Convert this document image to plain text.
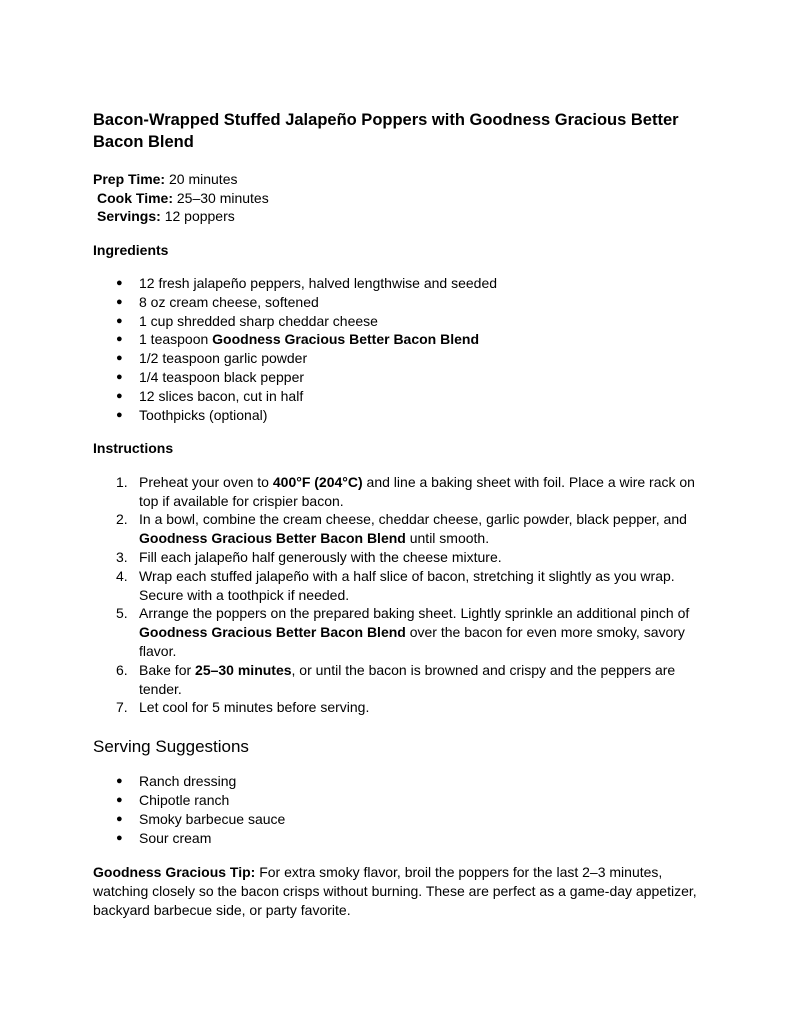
Bacon-Wrapped Stuffed Jalapeño Poppers with Goodness Gracious Better Bacon Blend
Prep Time: 20 minutes
Cook Time: 25–30 minutes
Servings: 12 poppers
Ingredients
● 12 fresh jalapeño peppers, halved lengthwise and seeded
● 8 oz cream cheese, softened
● 1 cup shredded sharp cheddar cheese
● 1 teaspoon Goodness Gracious Better Bacon Blend
● 1/2 teaspoon garlic powder
● 1/4 teaspoon black pepper
● 12 slices bacon, cut in half
● Toothpicks (optional)
Instructions
1. Preheat your oven to 400°F (204°C) and line a baking sheet with foil. Place a wire rack on top if available for crispier bacon.
2. In a bowl, combine the cream cheese, cheddar cheese, garlic powder, black pepper, and Goodness Gracious Better Bacon Blend until smooth.
3. Fill each jalapeño half generously with the cheese mixture.
4. Wrap each stuffed jalapeño with a half slice of bacon, stretching it slightly as you wrap. Secure with a toothpick if needed.
5. Arrange the poppers on the prepared baking sheet. Lightly sprinkle an additional pinch of Goodness Gracious Better Bacon Blend over the bacon for even more smoky, savory flavor.
6. Bake for 25–30 minutes, or until the bacon is browned and crispy and the peppers are tender.
7. Let cool for 5 minutes before serving.
Serving Suggestions
● Ranch dressing
● Chipotle ranch
● Smoky barbecue sauce
● Sour cream

Goodness Gracious Tip: For extra smoky flavor, broil the poppers for the last 2–3 minutes, watching closely so the bacon crisps without burning. These are perfect as a game-day appetizer, backyard barbecue side, or party favorite.
